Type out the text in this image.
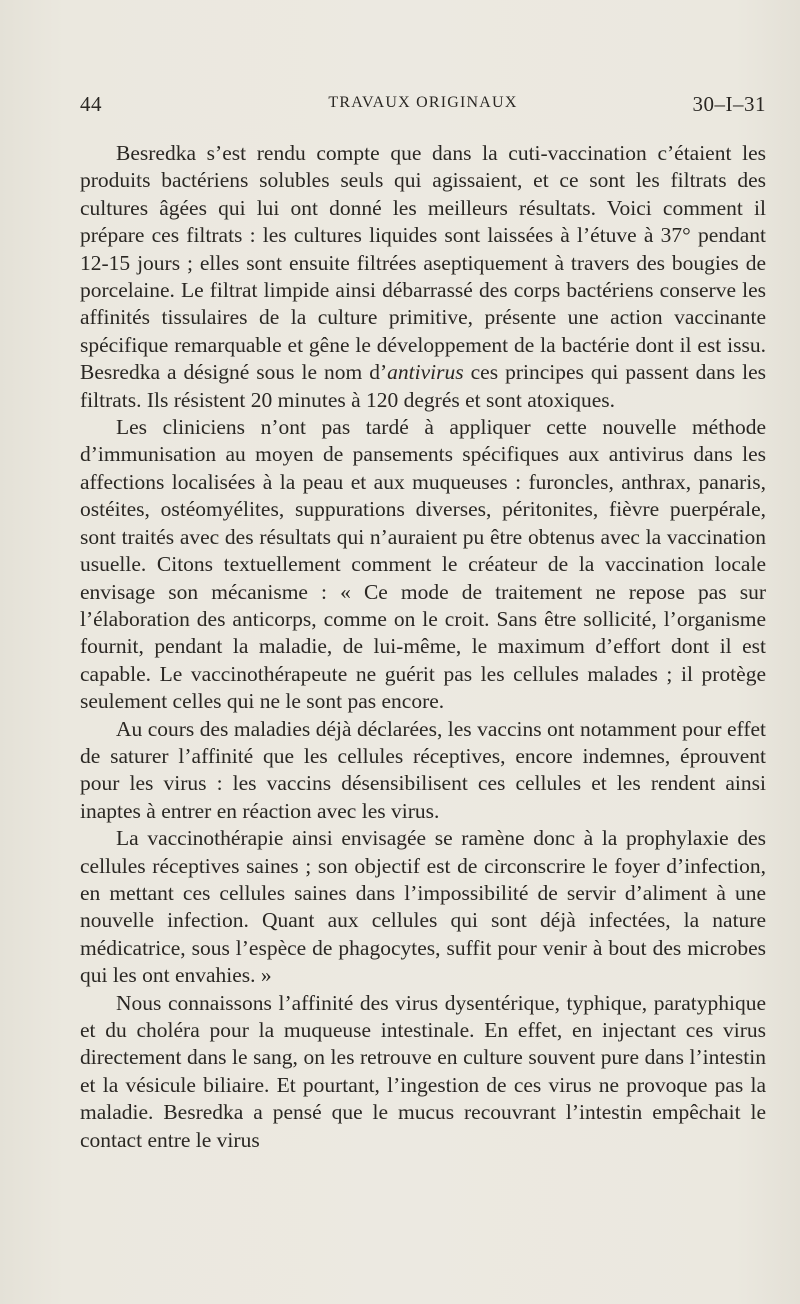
44	TRAVAUX ORIGINAUX	30–I–31

Besredka s’est rendu compte que dans la cuti-vaccination c’étaient les produits bactériens solubles seuls qui agissaient, et ce sont les filtrats des cultures âgées qui lui ont donné les meilleurs résultats. Voici comment il prépare ces filtrats : les cultures liquides sont laissées à l’étuve à 37° pendant 12-15 jours ; elles sont ensuite filtrées aseptiquement à travers des bougies de porcelaine. Le filtrat limpide ainsi débarrassé des corps bactériens conserve les affinités tissulaires de la culture primitive, présente une action vaccinante spécifique remarquable et gêne le développement de la bactérie dont il est issu. Besredka a désigné sous le nom d’antivirus ces principes qui passent dans les filtrats. Ils résistent 20 minutes à 120 degrés et sont atoxiques.

Les cliniciens n’ont pas tardé à appliquer cette nouvelle méthode d’immunisation au moyen de pansements spécifiques aux antivirus dans les affections localisées à la peau et aux muqueuses : furoncles, anthrax, panaris, ostéites, ostéomyélites, suppurations diverses, péritonites, fièvre puerpérale, sont traités avec des résultats qui n’auraient pu être obtenus avec la vaccination usuelle. Citons textuellement comment le créateur de la vaccination locale envisage son mécanisme : « Ce mode de traitement ne repose pas sur l’élaboration des anticorps, comme on le croit. Sans être sollicité, l’organisme fournit, pendant la maladie, de lui-même, le maximum d’effort dont il est capable. Le vaccinothérapeute ne guérit pas les cellules malades ; il protège seulement celles qui ne le sont pas encore.

Au cours des maladies déjà déclarées, les vaccins ont notamment pour effet de saturer l’affinité que les cellules réceptives, encore indemnes, éprouvent pour les virus : les vaccins désensibilisent ces cellules et les rendent ainsi inaptes à entrer en réaction avec les virus.

La vaccinothérapie ainsi envisagée se ramène donc à la prophylaxie des cellules réceptives saines ; son objectif est de circonscrire le foyer d’infection, en mettant ces cellules saines dans l’impossibilité de servir d’aliment à une nouvelle infection. Quant aux cellules qui sont déjà infectées, la nature médicatrice, sous l’espèce de phagocytes, suffit pour venir à bout des microbes qui les ont envahies. »

Nous connaissons l’affinité des virus dysentérique, typhique, paratyphique et du choléra pour la muqueuse intestinale. En effet, en injectant ces virus directement dans le sang, on les retrouve en culture souvent pure dans l’intestin et la vésicule biliaire. Et pourtant, l’ingestion de ces virus ne provoque pas la maladie. Besredka a pensé que le mucus recouvrant l’intestin empêchait le contact entre le virus
